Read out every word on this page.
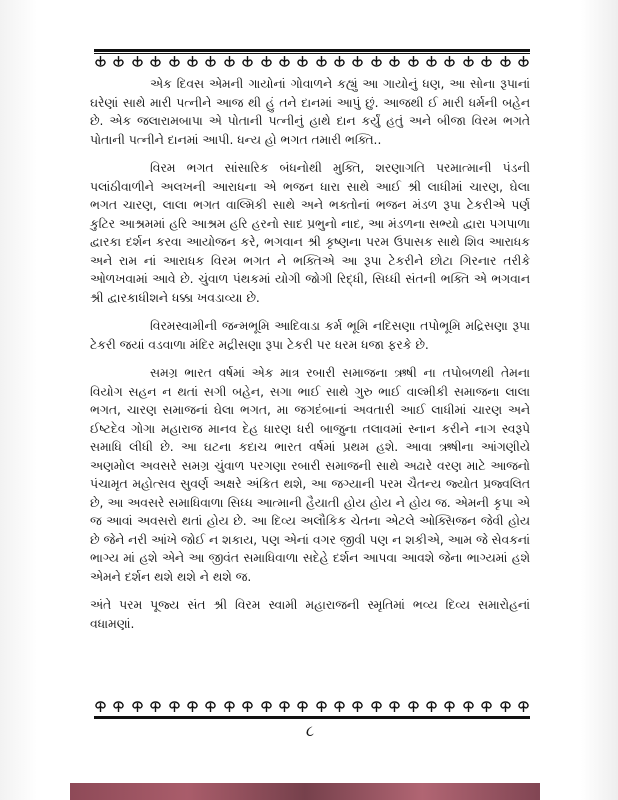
એક દિવસ એમની ગાયોનાં ગોવાળને કહ્યું આ ગાયોનું ધણ, આ સોના રૂપાનાં ઘરેણાં સાથે મારી પત્નીને આજ થી હું તને દાનમાં આપું છું. આજથી ઈ મારી ધર્મની બહેન છે. એક જલારામબાપા એ પોતાની પત્નીનું હાથે દાન કર્યું હતું અને બીજા વિરમ ભગતે પોતાની પત્નીને દાનમાં આપી. ધન્ય હો ભગત તમારી ભક્તિ..

વિરમ ભગત સાંસારિક બંધનોથી મુક્તિ, શરણાગતિ પરમાત્માની પંડની પલાંઠીવાળીને અલખની આરાધના એ ભજન ધારા સાથે આઈ શ્રી લાધીમાં ચારણ, ઘેલા ભગત ચારણ, લાલા ભગત વાલ્મિકી સાથે અને ભક્તોનાં ભજન મંડળ રૂપા ટેકરીએ પર્ણ કુટિર આશ્રમમાં હરિ આશ્રમ હરિ હરનો સાદ પ્રભુનો નાદ, આ મંડળના સભ્યો દ્વારા પગપાળા દ્વારકા દર્શન કરવા આયોજન કરે, ભગવાન શ્રી કૃષ્ણના પરમ ઉપાસક સાથે શિવ આરાધક અને રામ નાં આરાધક વિરમ ભગત ને ભક્તિએ આ રૂપા ટેકરીને છોટા ગિરનાર તરીકે ઓળખવામાં આવે છે. ચુંવાળ પંથકમાં યોગી જોગી રિદ્ધી, સિધ્ધી સંતની ભક્તિ એ ભગવાન શ્રી દ્વારકાધીશને ધક્કા ખવડાવ્યા છે.

વિરમસ્વામીની જન્મભૂમિ આદિવાડા કર્મ ભૂમિ નદિસણા તપોભૂમિ મદ્રિસણા રૂપા ટેકરી જયાં વડવાળા મંદિર મદ્રીસણા રૂપા ટેકરી પર ધરમ ધજા ફરકે છે.

સમગ્ર ભારત વર્ષમાં એક માત્ર રબારી સમાજના ઋષી ના તપોબળથી તેમના વિયોગ સહન ન થતાં સગી બહેન, સગા ભાઈ સાથે ગુરુ ભાઈ વાલ્મીકી સમાજના લાલા ભગત, ચારણ સમાજનાં ઘેલા ભગત, મા જગદંબાનાં અવતારી આઈ લાધીમાં ચારણ અને ઈષ્ટદેવ ગોગા મહારાજ માનવ દેહ ધારણ ધરી બાજુના તલાવમાં સ્નાન કરીને નાગ સ્વરૂપે સમાધિ લીધી છે. આ ઘટના કદાચ ભારત વર્ષમાં પ્રથમ હશે. આવા ઋષીના આંગણીયે અણમોલ અવસરે સમગ્ર ચુંવાળ પરગણા રબારી સમાજની સાથે અઢારે વરણ માટે આજનો પંચામૃત મહોત્સવ સુવર્ણ અક્ષરે અંકિત થશે, આ જગ્યાની પરમ ચૈતન્ય જ્યોત પ્રજ્વલિત છે, આ અવસરે સમાધિવાળા સિધ્ધ આત્માની હૈયાતી હોય હોય ને હોય જ. એમની કૃપા એ જ આવાં અવસરો થતાં હોય છે. આ દિવ્ય અલૌકિક ચેતના એટલે ઓક્સિજન જેવી હોય છે જેને નરી આંખે જોઈ ન શકાય, પણ એનાં વગર જીવી પણ ન શકીએ, આમ જે સેવકનાં ભાગ્ય માં હશે એને આ જીવંત સમાધિવાળા સદેહે દર્શન આપવા આવશે જેના ભાગ્યમાં હશે એમને દર્શન થશે થશે ને થશે જ.

અંતે પરમ પૂજ્ય સંત શ્રી વિરમ સ્વામી મહારાજની સ્મૃતિમાં ભવ્ય દિવ્ય સમારોહનાં વધામણાં.

૮
